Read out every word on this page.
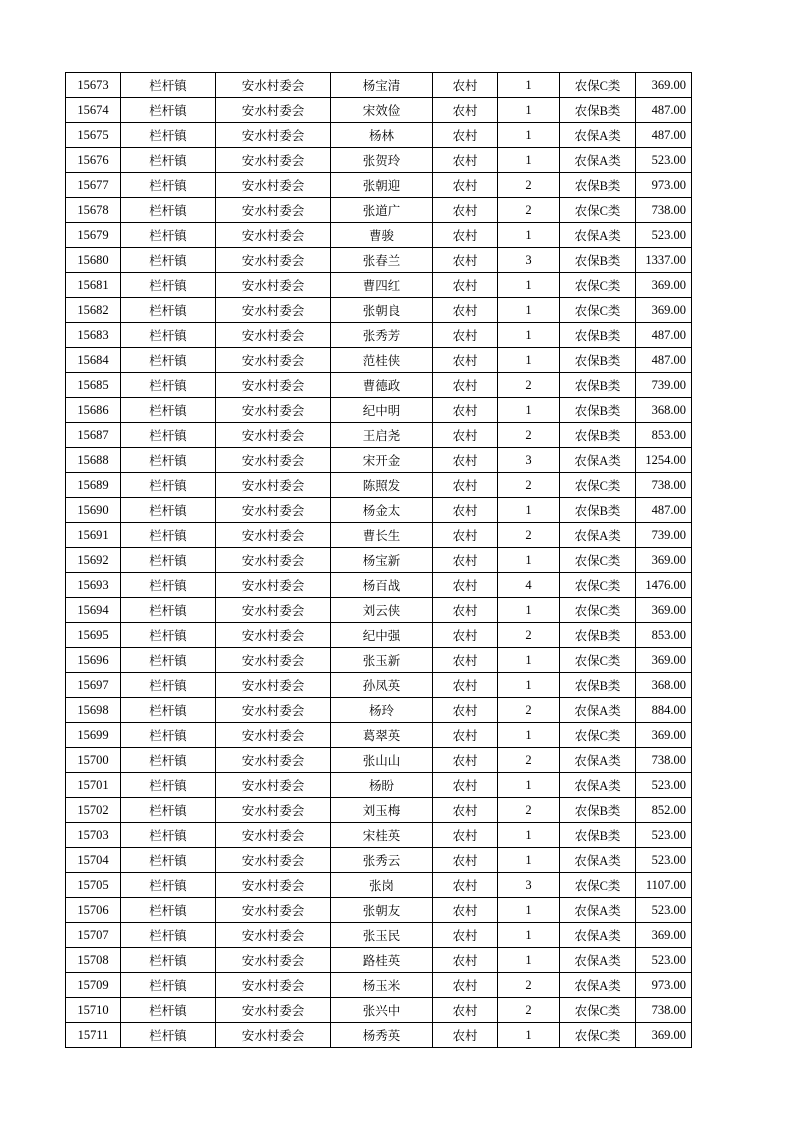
15673	栏杆镇	安水村委会	杨宝清	农村	1	农保C类	369.00
15674	栏杆镇	安水村委会	宋效俭	农村	1	农保B类	487.00
15675	栏杆镇	安水村委会	杨林	农村	1	农保A类	487.00
15676	栏杆镇	安水村委会	张贺玲	农村	1	农保A类	523.00
15677	栏杆镇	安水村委会	张朝迎	农村	2	农保B类	973.00
15678	栏杆镇	安水村委会	张道广	农村	2	农保C类	738.00
15679	栏杆镇	安水村委会	曹骏	农村	1	农保A类	523.00
15680	栏杆镇	安水村委会	张春兰	农村	3	农保B类	1337.00
15681	栏杆镇	安水村委会	曹四红	农村	1	农保C类	369.00
15682	栏杆镇	安水村委会	张朝良	农村	1	农保C类	369.00
15683	栏杆镇	安水村委会	张秀芳	农村	1	农保B类	487.00
15684	栏杆镇	安水村委会	范桂侠	农村	1	农保B类	487.00
15685	栏杆镇	安水村委会	曹德政	农村	2	农保B类	739.00
15686	栏杆镇	安水村委会	纪中明	农村	1	农保B类	368.00
15687	栏杆镇	安水村委会	王启尧	农村	2	农保B类	853.00
15688	栏杆镇	安水村委会	宋开金	农村	3	农保A类	1254.00
15689	栏杆镇	安水村委会	陈照发	农村	2	农保C类	738.00
15690	栏杆镇	安水村委会	杨金太	农村	1	农保B类	487.00
15691	栏杆镇	安水村委会	曹长生	农村	2	农保A类	739.00
15692	栏杆镇	安水村委会	杨宝新	农村	1	农保C类	369.00
15693	栏杆镇	安水村委会	杨百战	农村	4	农保C类	1476.00
15694	栏杆镇	安水村委会	刘云侠	农村	1	农保C类	369.00
15695	栏杆镇	安水村委会	纪中强	农村	2	农保B类	853.00
15696	栏杆镇	安水村委会	张玉新	农村	1	农保C类	369.00
15697	栏杆镇	安水村委会	孙凤英	农村	1	农保B类	368.00
15698	栏杆镇	安水村委会	杨玲	农村	2	农保A类	884.00
15699	栏杆镇	安水村委会	葛翠英	农村	1	农保C类	369.00
15700	栏杆镇	安水村委会	张山山	农村	2	农保A类	738.00
15701	栏杆镇	安水村委会	杨盼	农村	1	农保A类	523.00
15702	栏杆镇	安水村委会	刘玉梅	农村	2	农保B类	852.00
15703	栏杆镇	安水村委会	宋桂英	农村	1	农保B类	523.00
15704	栏杆镇	安水村委会	张秀云	农村	1	农保A类	523.00
15705	栏杆镇	安水村委会	张岗	农村	3	农保C类	1107.00
15706	栏杆镇	安水村委会	张朝友	农村	1	农保A类	523.00
15707	栏杆镇	安水村委会	张玉民	农村	1	农保A类	369.00
15708	栏杆镇	安水村委会	路桂英	农村	1	农保A类	523.00
15709	栏杆镇	安水村委会	杨玉米	农村	2	农保A类	973.00
15710	栏杆镇	安水村委会	张兴中	农村	2	农保C类	738.00
15711	栏杆镇	安水村委会	杨秀英	农村	1	农保C类	369.00
